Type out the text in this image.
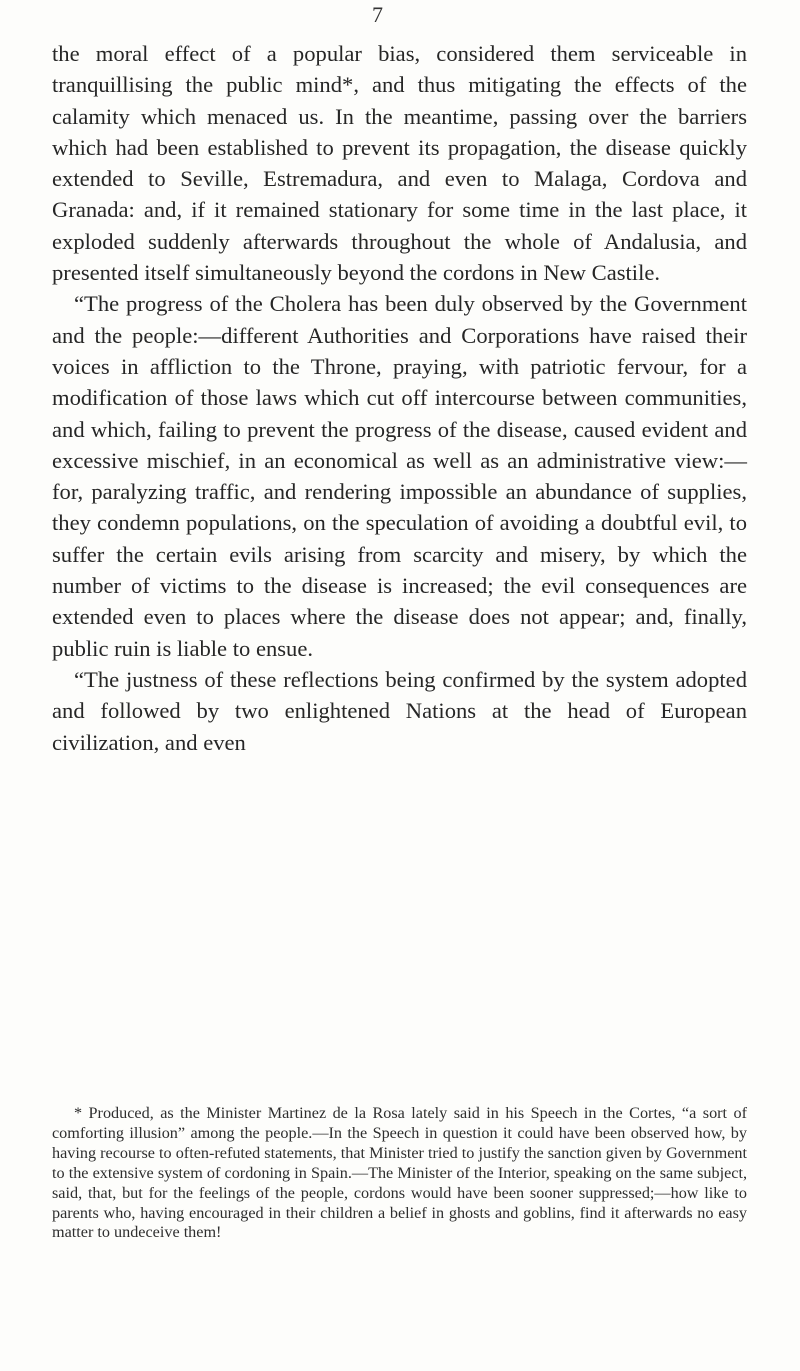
7

the moral effect of a popular bias, considered them serviceable in tranquillising the public mind*, and thus mitigating the effects of the calamity which menaced us. In the meantime, passing over the barriers which had been established to prevent its propagation, the disease quickly extended to Seville, Estremadura, and even to Malaga, Cordova and Granada: and, if it remained stationary for some time in the last place, it exploded suddenly afterwards throughout the whole of Andalusia, and presented itself simultaneously beyond the cordons in New Castile.

“The progress of the Cholera has been duly observed by the Government and the people:—different Authorities and Corporations have raised their voices in affliction to the Throne, praying, with patriotic fervour, for a modification of those laws which cut off intercourse between communities, and which, failing to prevent the progress of the disease, caused evident and excessive mischief, in an economical as well as an administrative view:—for, paralyzing traffic, and rendering impossible an abundance of supplies, they condemn populations, on the speculation of avoiding a doubtful evil, to suffer the certain evils arising from scarcity and misery, by which the number of victims to the disease is increased; the evil consequences are extended even to places where the disease does not appear; and, finally, public ruin is liable to ensue.

“The justness of these reflections being confirmed by the system adopted and followed by two enlightened Nations at the head of European civilization, and even

* Produced, as the Minister Martinez de la Rosa lately said in his Speech in the Cortes, “a sort of comforting illusion” among the people.—In the Speech in question it could have been observed how, by having recourse to often-refuted statements, that Minister tried to justify the sanction given by Government to the extensive system of cordoning in Spain.—The Minister of the Interior, speaking on the same subject, said, that, but for the feelings of the people, cordons would have been sooner suppressed;—how like to parents who, having encouraged in their children a belief in ghosts and goblins, find it afterwards no easy matter to undeceive them!
